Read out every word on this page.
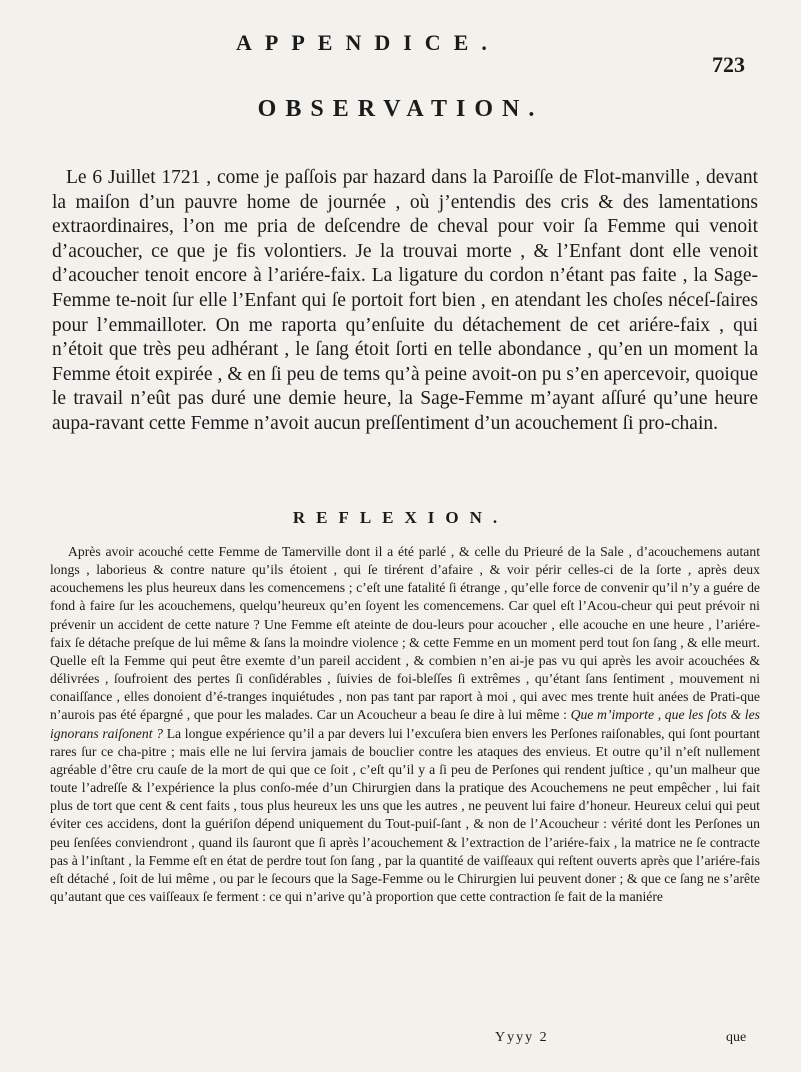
APPENDICE.
723
OBSERVATION.

Le 6 Juillet 1721 , come je paſſois par hazard dans la Paroiſſe de Flot-manville , devant la maiſon d’un pauvre home de journée , où j’entendis des cris & des lamentations extraordinaires, l’on me pria de deſcendre de cheval pour voir ſa Femme qui venoit d’acoucher, ce que je fis volontiers. Je la trouvai morte , & l’Enfant dont elle venoit d’acoucher tenoit encore à l’ariére-faix. La ligature du cordon n’étant pas faite , la Sage-Femme te-noit ſur elle l’Enfant qui ſe portoit fort bien , en atendant les choſes néceſ-ſaires pour l’emmailloter. On me raporta qu’enſuite du détachement de cet ariére-faix , qui n’étoit que très peu adhérant , le ſang étoit ſorti en telle abondance , qu’en un moment la Femme étoit expirée , & en ſi peu de tems qu’à peine avoit-on pu s’en apercevoir, quoique le travail n’eût pas duré une demie heure, la Sage-Femme m’ayant aſſuré qu’une heure aupa-ravant cette Femme n’avoit aucun preſſentiment d’un acouchement ſi pro-chain.

REFLEXION.

Après avoir acouché cette Femme de Tamerville dont il a été parlé , & celle du Prieuré de la Sale , d’acouchemens autant longs , laborieus & contre nature qu’ils étoient , qui ſe tirérent d’afaire , & voir périr celles-ci de la ſorte , après deux acouchemens les plus heureux dans les comencemens ; c’eſt une fatalité ſi étrange , qu’elle force de convenir qu’il n’y a guére de fond à faire ſur les acouchemens, quelqu’heureux qu’en ſoyent les comencemens. Car quel eſt l’Acou-cheur qui peut prévoir ni prévenir un accident de cette nature ? Une Femme eſt ateinte de dou-leurs pour acoucher , elle acouche en une heure , l’ariére-faix ſe détache preſque de lui même & ſans la moindre violence ; & cette Femme en un moment perd tout ſon ſang , & elle meurt. Quelle eſt la Femme qui peut être exemte d’un pareil accident , & combien n’en ai-je pas vu qui après les avoir acouchées & délivrées , ſoufroient des pertes ſi conſidérables , ſuivies de foi-bleſſes ſi extrêmes , qu’étant ſans ſentiment , mouvement ni conaiſſance , elles donoient d’é-tranges inquiétudes , non pas tant par raport à moi , qui avec mes trente huit anées de Prati-que n’aurois pas été épargné , que pour les malades. Car un Acoucheur a beau ſe dire à lui même : Que m’importe , que les ſots & les ignorans raiſonent ? La longue expérience qu’il a par devers lui l’excuſera bien envers les Perſones raiſonables, qui ſont pourtant rares ſur ce cha-pitre ; mais elle ne lui ſervira jamais de bouclier contre les ataques des envieus. Et outre qu’il n’eſt nullement agréable d’être cru cauſe de la mort de qui que ce ſoit , c’eſt qu’il y a ſi peu de Perſones qui rendent juſtice , qu’un malheur que toute l’adreſſe & l’expérience la plus conſo-mée d’un Chirurgien dans la pratique des Acouchemens ne peut empêcher , lui fait plus de tort que cent & cent faits , tous plus heureux les uns que les autres , ne peuvent lui faire d’honeur. Heureux celui qui peut éviter ces accidens, dont la guériſon dépend uniquement du Tout-puiſ-ſant , & non de l’Acoucheur : vérité dont les Perſones un peu ſenſées conviendront , quand ils ſauront que ſi après l’acouchement & l’extraction de l’ariére-faix , la matrice ne ſe contracte pas à l’inſtant , la Femme eſt en état de perdre tout ſon ſang , par la quantité de vaiſſeaux qui reſtent ouverts après que l’ariére-fais eſt détaché , ſoit de lui même , ou par le ſecours que la Sage-Femme ou le Chirurgien lui peuvent doner ; & que ce ſang ne s’arête qu’autant que ces vaiſſeaux ſe ferment : ce qui n’arive qu’à proportion que cette contraction ſe fait de la maniére

Yyyy 2	que
